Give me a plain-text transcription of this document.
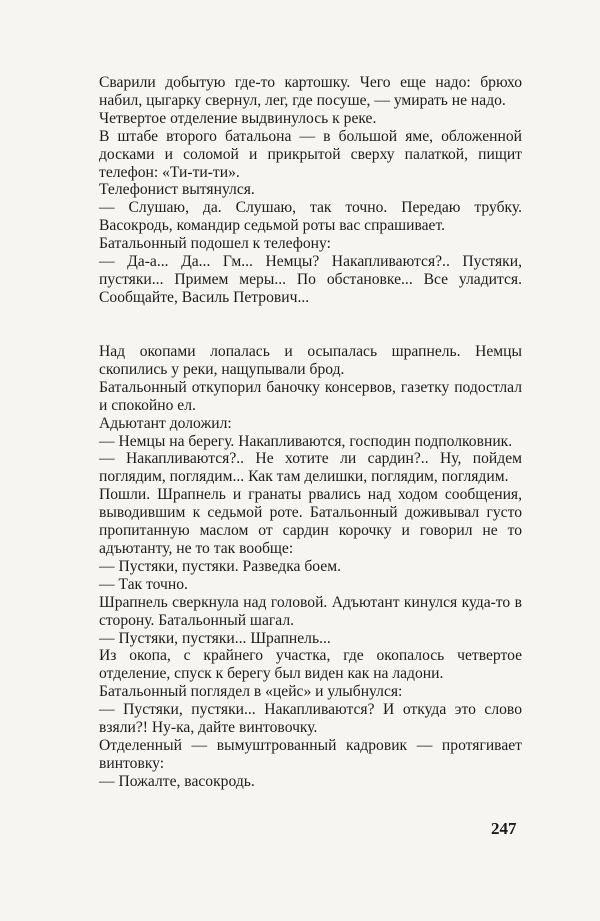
Сварили добытую где-то картошку. Чего еще надо: брюхо набил, цыгарку свернул, лег, где посуше, — умирать не надо.

Четвертое отделение выдвинулось к реке.

В штабе второго батальона — в большой яме, обложенной досками и соломой и прикрытой сверху палаткой, пищит телефон: «Ти-ти-ти».

Телефонист вытянулся.

— Слушаю, да. Слушаю, так точно. Передаю трубку. Васокродь, командир седьмой роты вас спрашивает.

Батальонный подошел к телефону:

— Да-а... Да... Гм... Немцы? Накапливаются?.. Пустяки, пустяки... Примем меры... По обстановке... Все уладится. Сообщайте, Василь Петрович...

Над окопами лопалась и осыпалась шрапнель. Немцы скопились у реки, нащупывали брод.

Батальонный откупорил баночку консервов, газетку подостлал и спокойно ел.

Адьютант доложил:

— Немцы на берегу. Накапливаются, господин подполковник.

— Накапливаются?.. Не хотите ли сардин?.. Ну, пойдем поглядим, поглядим... Как там делишки, поглядим, поглядим.

Пошли. Шрапнель и гранаты рвались над ходом сообщения, выводившим к седьмой роте. Батальонный доживывал густо пропитанную маслом от сардин корочку и говорил не то адъютанту, не то так вообще:

— Пустяки, пустяки. Разведка боем.

— Так точно.

Шрапнель сверкнула над головой. Адъютант кинулся куда-то в сторону. Батальонный шагал.

— Пустяки, пустяки... Шрапнель...

Из окопа, с крайнего участка, где окопалось четвертое отделение, спуск к берегу был виден как на ладони.

Батальонный поглядел в «цейс» и улыбнулся:

— Пустяки, пустяки... Накапливаются? И откуда это слово взяли?! Ну-ка, дайте винтовочку.

Отделенный — вымуштрованный кадровик — протягивает винтовку:

— Пожалте, васокродь.

247
